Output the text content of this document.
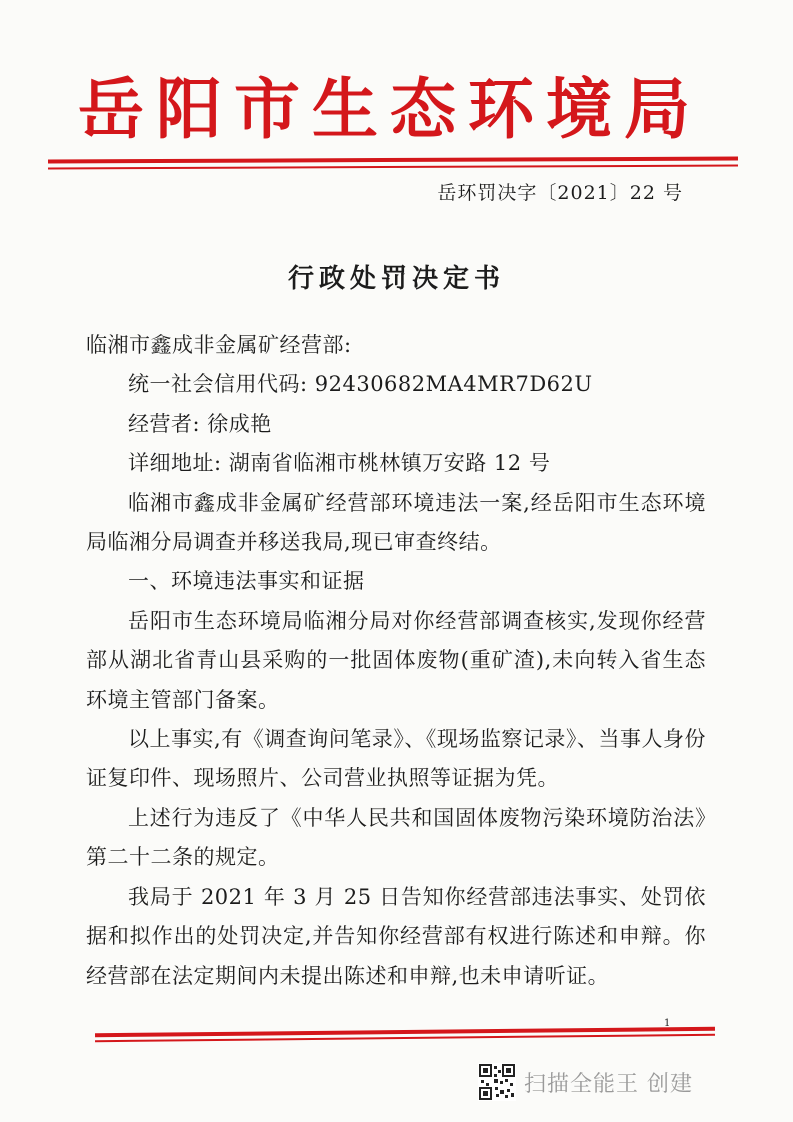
岳阳市生态环境局
岳环罚决字〔2021〕22 号
行政处罚决定书

临湘市鑫成非金属矿经营部:

统一社会信用代码: 92430682MA4MR7D62U

经营者: 徐成艳

详细地址: 湖南省临湘市桃林镇万安路 12 号

临湘市鑫成非金属矿经营部环境违法一案,经岳阳市生态环境局临湘分局调查并移送我局,现已审查终结。

一、环境违法事实和证据

岳阳市生态环境局临湘分局对你经营部调查核实,发现你经营部从湖北省青山县采购的一批固体废物(重矿渣),未向转入省生态环境主管部门备案。

以上事实,有《调查询问笔录》、《现场监察记录》、当事人身份证复印件、现场照片、公司营业执照等证据为凭。

上述行为违反了《中华人民共和国固体废物污染环境防治法》第二十二条的规定。

我局于 2021 年 3 月 25 日告知你经营部违法事实、处罚依据和拟作出的处罚决定,并告知你经营部有权进行陈述和申辩。你经营部在法定期间内未提出陈述和申辩,也未申请听证。

1
扫描全能王 创建
